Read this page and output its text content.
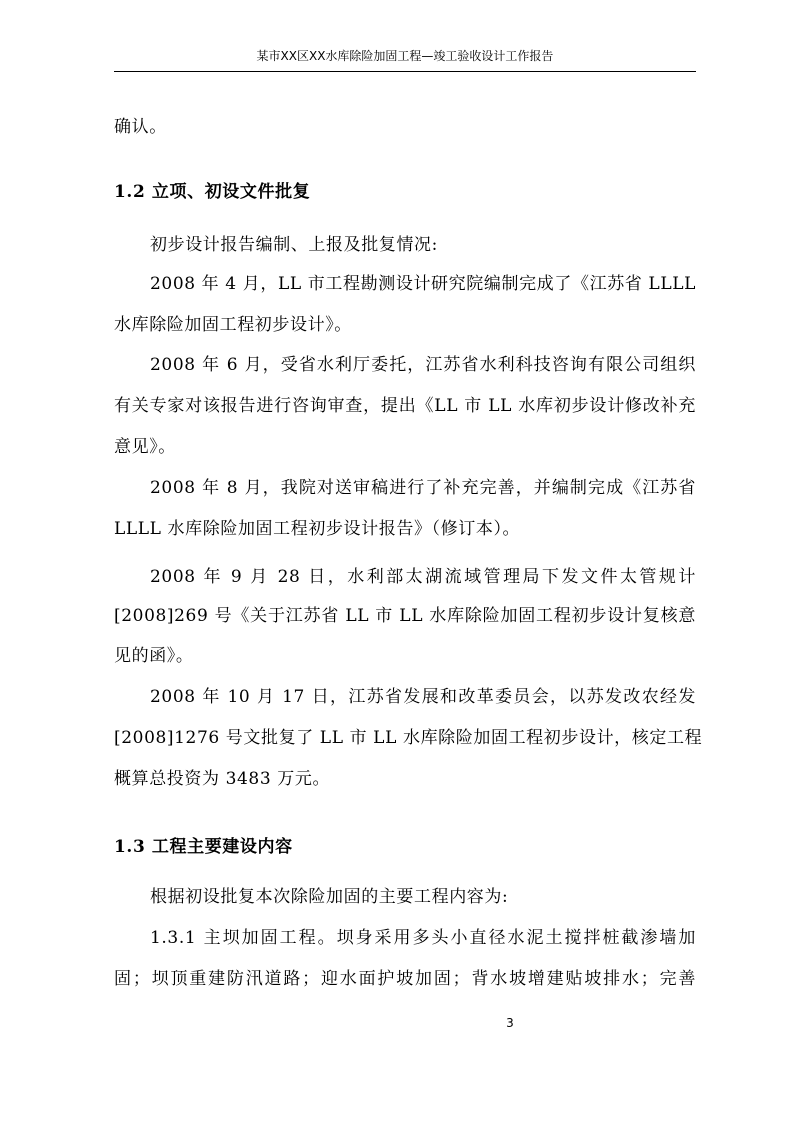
某市XX区XX水库除险加固工程—竣工验收设计工作报告
确认。
1.2 立项、初设文件批复
初步设计报告编制、上报及批复情况:
2008 年 4 月，LL 市工程勘测设计研究院编制完成了《江苏省 LLLL
水库除险加固工程初步设计》。
2008 年 6 月，受省水利厅委托，江苏省水利科技咨询有限公司组织
有关专家对该报告进行咨询审查，提出《LL 市 LL 水库初步设计修改补充
意见》。
2008 年 8 月，我院对送审稿进行了补充完善，并编制完成《江苏省
LLLL 水库除险加固工程初步设计报告》（修订本）。
2008 年 9 月 28 日，水利部太湖流域管理局下发文件太管规计
[2008]269 号《关于江苏省 LL 市 LL 水库除险加固工程初步设计复核意
见的函》。
2008 年 10 月 17 日，江苏省发展和改革委员会，以苏发改农经发
[2008]1276 号文批复了 LL 市 LL 水库除险加固工程初步设计，核定工程
概算总投资为 3483 万元。
1.3 工程主要建设内容
根据初设批复本次除险加固的主要工程内容为:
1.3.1 主坝加固工程。坝身采用多头小直径水泥土搅拌桩截渗墙加
固；坝顶重建防汛道路；迎水面护坡加固；背水坡增建贴坡排水；完善
3
